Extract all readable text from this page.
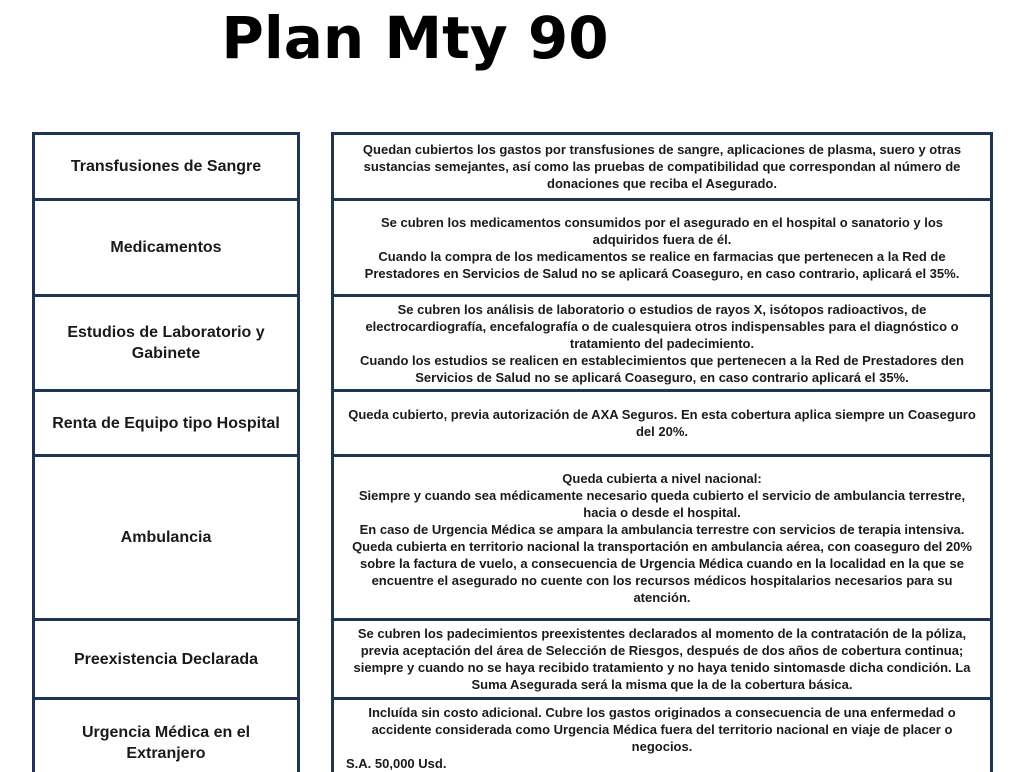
Plan Mty 90
Transfusiones de Sangre
Medicamentos
Estudios de Laboratorio y Gabinete
Renta de Equipo tipo Hospital
Ambulancia
Preexistencia Declarada
Urgencia Médica en el Extranjero
Quedan cubiertos los gastos por transfusiones de sangre, aplicaciones de plasma, suero y otras sustancias semejantes, así como las pruebas de compatibilidad que correspondan al número de donaciones que reciba el Asegurado.
Se cubren los medicamentos consumidos por el asegurado en el hospital o sanatorio y los adquiridos fuera de él.
Cuando la compra de los medicamentos se realice en farmacias que pertenecen a la Red de Prestadores en Servicios de Salud no se aplicará Coaseguro, en caso contrario, aplicará el 35%.
Se cubren los análisis de laboratorio o estudios de rayos X, isótopos radioactivos, de electrocardiografía, encefalografía o de cualesquiera otros indispensables para el diagnóstico o tratamiento del padecimiento.
Cuando los estudios se realicen en establecimientos que pertenecen a la Red de Prestadores den Servicios de Salud no se aplicará Coaseguro, en caso contrario aplicará el 35%.
Queda cubierto, previa autorización de AXA Seguros. En esta cobertura aplica siempre un Coaseguro del 20%.
Queda cubierta a nivel nacional:
Siempre y cuando sea médicamente necesario queda cubierto el servicio de ambulancia terrestre, hacia o desde el hospital.
En caso de Urgencia Médica se ampara la ambulancia terrestre con servicios de terapia intensiva.
Queda cubierta en territorio nacional la transportación en ambulancia aérea, con coaseguro del 20% sobre la factura de vuelo, a consecuencia de Urgencia Médica cuando en la localidad en la que se encuentre el asegurado no cuente con los recursos médicos hospitalarios necesarios para su atención.
Se cubren los padecimientos preexistentes declarados al momento de la contratación de la póliza, previa aceptación del área de Selección de Riesgos, después de dos años de cobertura continua; siempre y cuando no se haya recibido tratamiento y no haya tenido sintomasde dicha condición. La Suma Asegurada será la misma que la de la cobertura básica.
Incluída sin costo adicional. Cubre los gastos originados a consecuencia de una enfermedad o accidente considerada como Urgencia Médica fuera del territorio nacional en viaje de placer o negocios.
S.A. 50,000 Usd.
